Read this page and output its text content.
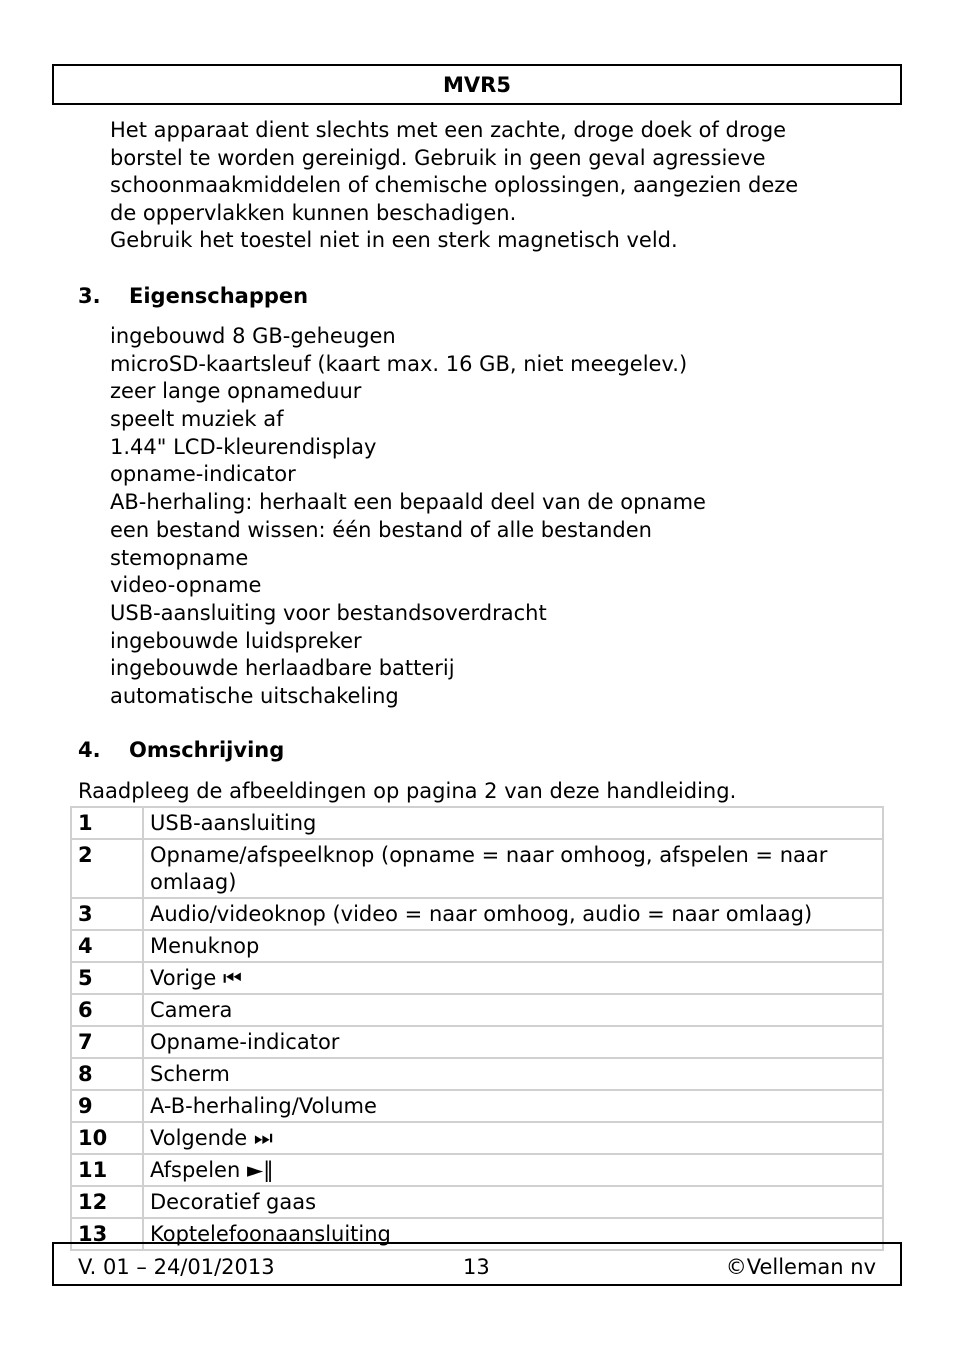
MVR5
Het apparaat dient slechts met een zachte, droge doek of droge
borstel te worden gereinigd. Gebruik in geen geval agressieve
schoonmaakmiddelen of chemische oplossingen, aangezien deze
de oppervlakken kunnen beschadigen.
Gebruik het toestel niet in een sterk magnetisch veld.
3.	Eigenschappen
ingebouwd 8 GB-geheugen
microSD-kaartsleuf (kaart max. 16 GB, niet meegelev.)
zeer lange opnameduur
speelt muziek af
1.44" LCD-kleurendisplay
opname-indicator
AB-herhaling: herhaalt een bepaald deel van de opname
een bestand wissen: één bestand of alle bestanden
stemopname
video-opname
USB-aansluiting voor bestandsoverdracht
ingebouwde luidspreker
ingebouwde herlaadbare batterij
automatische uitschakeling
4.	Omschrijving

Raadpleeg de afbeeldingen op pagina 2 van deze handleiding.

1	USB-aansluiting
2	Opname/afspeelknop (opname = naar omhoog, afspelen = naar omlaag)
3	Audio/videoknop (video = naar omhoog, audio = naar omlaag)
4	Menuknop
5	Vorige ⏮
6	Camera
7	Opname-indicator
8	Scherm
9	A-B-herhaling/Volume
10	Volgende ⏭
11	Afspelen ►‖
12	Decoratief gaas
13	Koptelefoonaansluiting
V. 01 – 24/01/2013	13	©Velleman nv
